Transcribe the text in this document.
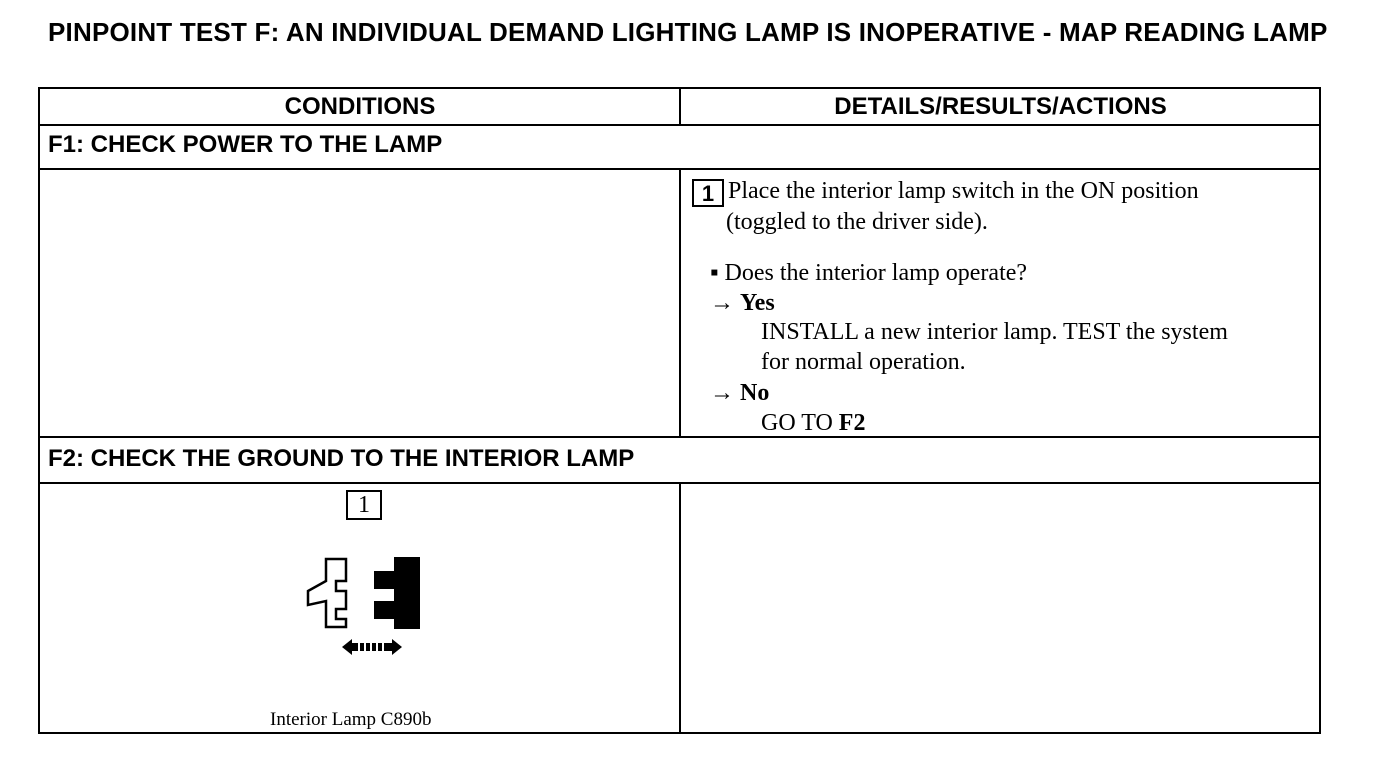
PINPOINT TEST F: AN INDIVIDUAL DEMAND LIGHTING LAMP IS INOPERATIVE - MAP READING LAMP
CONDITIONS	DETAILS/RESULTS/ACTIONS
F1: CHECK POWER TO THE LAMP
1 Place the interior lamp switch in the ON position
(toggled to the driver side).
▪ Does the interior lamp operate?
→ Yes
INSTALL a new interior lamp. TEST the system
for normal operation.
→ No
GO TO F2
F2: CHECK THE GROUND TO THE INTERIOR LAMP
1
Interior Lamp C890b
